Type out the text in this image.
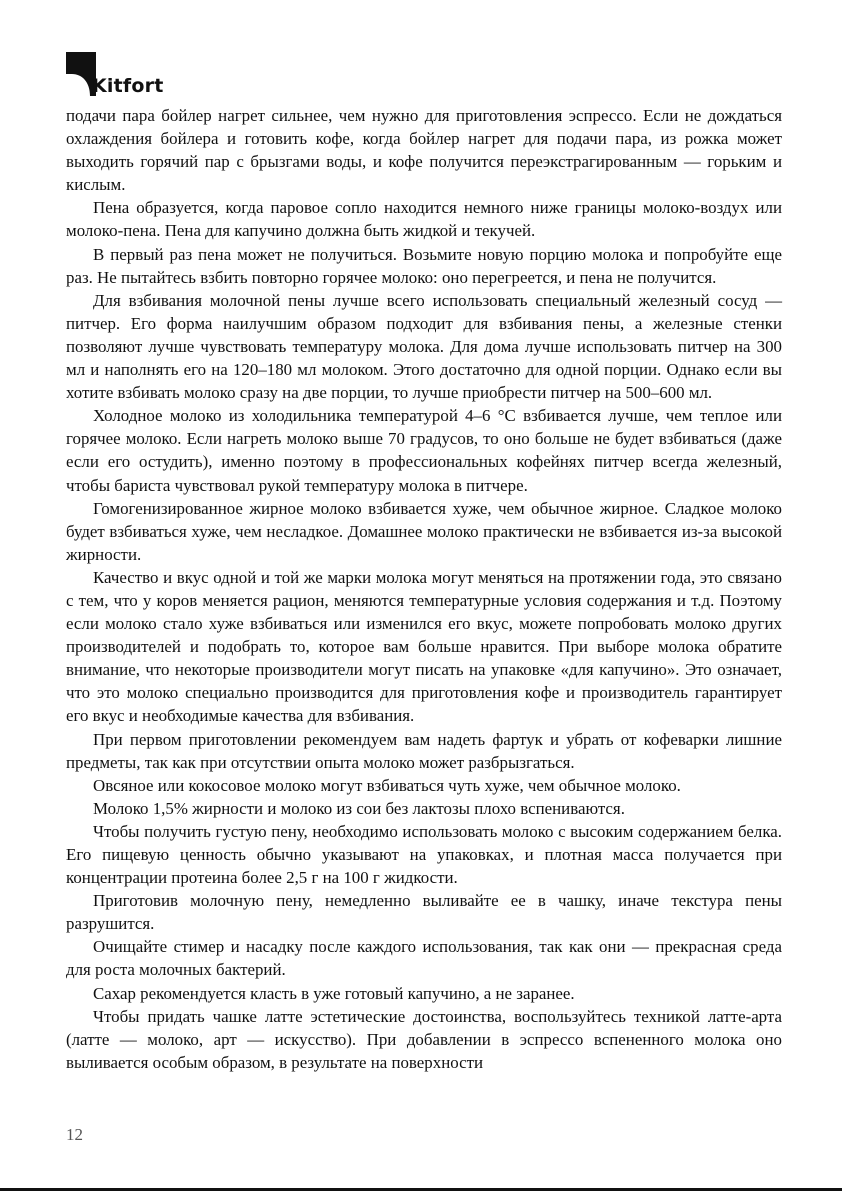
Kitfort

подачи пара бойлер нагрет сильнее, чем нужно для приготовления эспрессо. Если не дождаться охлаждения бойлера и готовить кофе, когда бойлер нагрет для подачи пара, из рожка может выходить горячий пар с брызгами воды, и кофе получится переэкстрагированным — горьким и кислым.

Пена образуется, когда паровое сопло находится немного ниже границы молоко-воздух или молоко-пена. Пена для капучино должна быть жидкой и текучей.

В первый раз пена может не получиться. Возьмите новую порцию молока и попробуйте еще раз. Не пытайтесь взбить повторно горячее молоко: оно перегреется, и пена не получится.

Для взбивания молочной пены лучше всего использовать специальный железный сосуд — питчер. Его форма наилучшим образом подходит для взбивания пены, а железные стенки позволяют лучше чувствовать температуру молока. Для дома лучше использовать питчер на 300 мл и наполнять его на 120–180 мл молоком. Этого достаточно для одной порции. Однако если вы хотите взбивать молоко сразу на две порции, то лучше приобрести питчер на 500–600 мл.

Холодное молоко из холодильника температурой 4–6 °C взбивается лучше, чем теплое или горячее молоко. Если нагреть молоко выше 70 градусов, то оно больше не будет взбиваться (даже если его остудить), именно поэтому в профессиональных кофейнях питчер всегда железный, чтобы бариста чувствовал рукой температуру молока в питчере.

Гомогенизированное жирное молоко взбивается хуже, чем обычное жирное. Сладкое молоко будет взбиваться хуже, чем несладкое. Домашнее молоко практически не взбивается из-за высокой жирности.

Качество и вкус одной и той же марки молока могут меняться на протяжении года, это связано с тем, что у коров меняется рацион, меняются температурные условия содержания и т.д. Поэтому если молоко стало хуже взбиваться или изменился его вкус, можете попробовать молоко других производителей и подобрать то, которое вам больше нравится. При выборе молока обратите внимание, что некоторые производители могут писать на упаковке «для капучино». Это означает, что это молоко специально производится для приготовления кофе и производитель гарантирует его вкус и необходимые качества для взбивания.

При первом приготовлении рекомендуем вам надеть фартук и убрать от кофеварки лишние предметы, так как при отсутствии опыта молоко может разбрызгаться.

Овсяное или кокосовое молоко могут взбиваться чуть хуже, чем обычное молоко.

Молоко 1,5% жирности и молоко из сои без лактозы плохо вспениваются.

Чтобы получить густую пену, необходимо использовать молоко с высоким содержанием белка. Его пищевую ценность обычно указывают на упаковках, и плотная масса получается при концентрации протеина более 2,5 г на 100 г жидкости.

Приготовив молочную пену, немедленно выливайте ее в чашку, иначе текстура пены разрушится.

Очищайте стимер и насадку после каждого использования, так как они — прекрасная среда для роста молочных бактерий.

Сахар рекомендуется класть в уже готовый капучино, а не заранее.

Чтобы придать чашке латте эстетические достоинства, воспользуйтесь техникой латте-арта (латте — молоко, арт — искусство). При добавлении в эспрессо вспененного молока оно выливается особым образом, в результате на поверхности

12
